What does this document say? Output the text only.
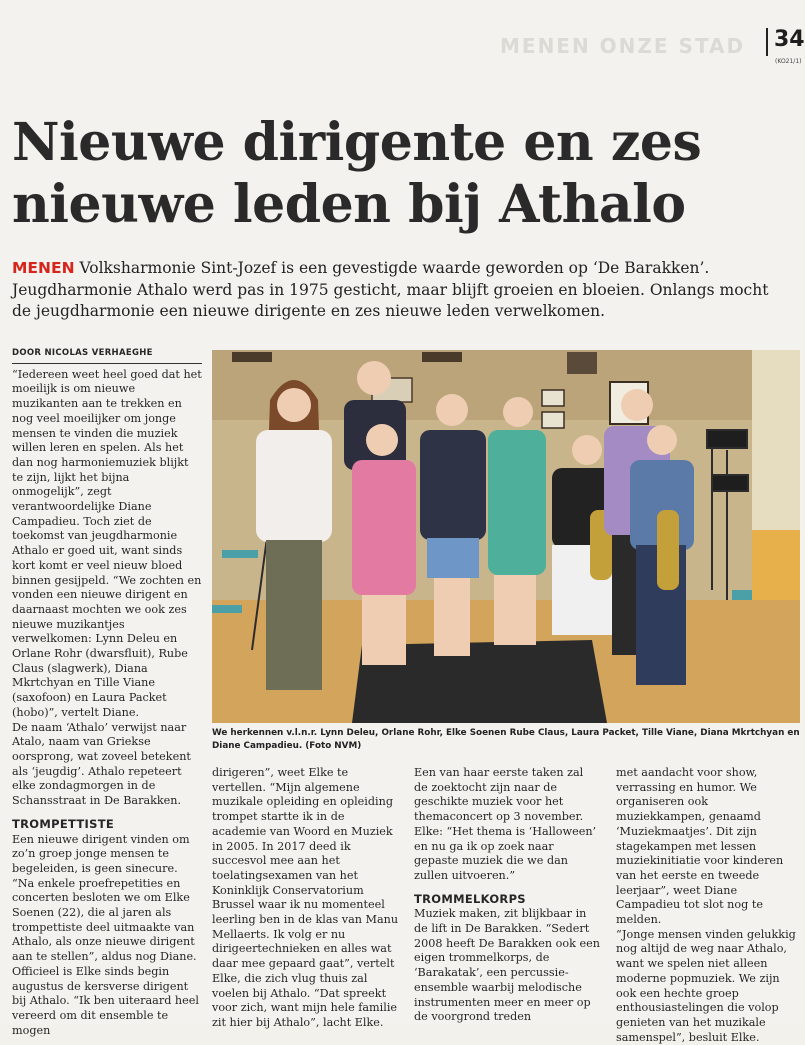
MENEN ONZE STAD 34
(KO21/1)
Nieuwe dirigente en zes
nieuwe leden bij Athalo

MENEN Volksharmonie Sint-Jozef is een gevestigde waarde geworden op ‘De Barakken’. Jeugdharmonie Athalo werd pas in 1975 gesticht, maar blijft groeien en bloeien. Onlangs mocht de jeugdharmonie een nieuwe dirigente en zes nieuwe leden verwelkomen.

DOOR NICOLAS VERHAEGHE

“Iedereen weet heel goed dat het moeilijk is om nieuwe muzikanten aan te trekken en nog veel moeilijker om jonge mensen te vinden die muziek willen leren en spelen. Als het dan nog harmoniemuziek blijkt te zijn, lijkt het bijna onmogelijk”, zegt verantwoordelijke Diane Campadieu. Toch ziet de toekomst van jeugdharmonie Athalo er goed uit, want sinds kort komt er veel nieuw bloed binnen gesijpeld. “We zochten en vonden een nieuwe dirigent en daarnaast mochten we ook zes nieuwe muzikantjes verwelkomen: Lynn Deleu en Orlane Rohr (dwarsfluit), Rube Claus (slagwerk), Diana Mkrtchyan en Tille Viane (saxofoon) en Laura Packet (hobo)”, vertelt Diane.

De naam ‘Athalo’ verwijst naar Atalo, naam van Griekse oorsprong, wat zoveel betekent als ‘jeugdig’. Athalo repeteert elke zondagmorgen in de Schansstraat in De Barakken.

TROMPETTISTE

Een nieuwe dirigent vinden om zo’n groep jonge mensen te begeleiden, is geen sinecure. “Na enkele proefrepetities en concerten besloten we om Elke Soenen (22), die al jaren als trompettiste deel uitmaakte van Athalo, als onze nieuwe dirigent aan te stellen”, aldus nog Diane.

Officieel is Elke sinds begin augustus de kersverse dirigent bij Athalo. “Ik ben uiteraard heel vereerd om dit ensemble te mogen

We herkennen v.l.n.r. Lynn Deleu, Orlane Rohr, Elke Soenen Rube Claus, Laura Packet, Tille Viane, Diana Mkrtchyan en Diane Campadieu. (Foto NVM)

dirigeren”, weet Elke te vertellen. “Mijn algemene muzikale opleiding en opleiding trompet startte ik in de academie van Woord en Muziek in 2005. In 2017 deed ik succesvol mee aan het toelatingsexamen van het Koninklijk Conservatorium Brussel waar ik nu momenteel leerling ben in de klas van Manu Mellaerts. Ik volg er nu dirigeertechnieken en alles wat daar mee gepaard gaat”, vertelt Elke, die zich vlug thuis zal voelen bij Athalo. “Dat spreekt voor zich, want mijn hele familie zit hier bij Athalo”, lacht Elke.

Een van haar eerste taken zal de zoektocht zijn naar de geschikte muziek voor het themaconcert op 3 november. Elke: “Het thema is ‘Halloween’ en nu ga ik op zoek naar gepaste muziek die we dan zullen uitvoeren.”

TROMMELKORPS

Muziek maken, zit blijkbaar in de lift in De Barakken. “Sedert 2008 heeft De Barakken ook een eigen trommelkorps, de ‘Barakatak’, een percussie-ensemble waarbij melodische instrumenten meer en meer op de voorgrond treden

met aandacht voor show, verrassing en humor. We organiseren ook muziekkampen, genaamd ‘Muziekmaatjes’. Dit zijn stagekampen met lessen muziekinitiatie voor kinderen van het eerste en tweede leerjaar”, weet Diane Campadieu tot slot nog te melden.

“Jonge mensen vinden gelukkig nog altijd de weg naar Athalo, want we spelen niet alleen moderne popmuziek. We zijn ook een hechte groep enthousiastelingen die volop genieten van het muzikale samenspel”, besluit Elke.
